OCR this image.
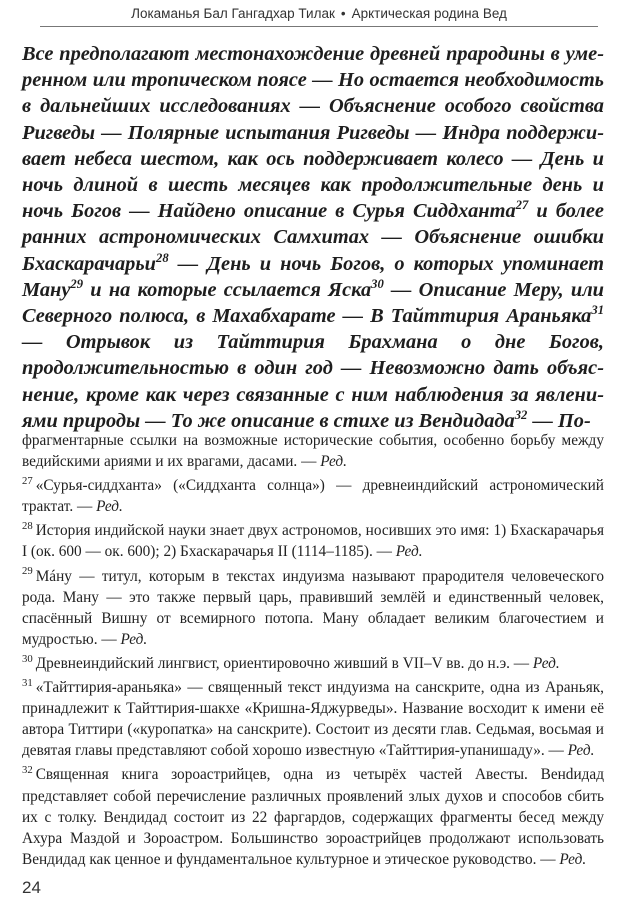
Локаманья Бал Гангадхар Тилак • Арктическая родина Вед

Все предполагают местонахождение древней прародины в умеренном или тропическом поясе — Но остается необходимость в дальнейших исследованиях — Объяснение особого свойства Ригведы — Полярные испытания Ригведы — Индра поддерживает небеса шестом, как ось поддерживает колесо — День и ночь длиной в шесть месяцев как продолжительные день и ночь Богов — Найдено описание в Сурья Сиддханта$^{27}$ и более ранних астрономических Самхитах — Объяснение ошибки Бхаскарачарьи$^{28}$ — День и ночь Богов, о которых упоминает Ману$^{29}$ и на которые ссылается Яска$^{30}$ — Описание Меру, или Северного полюса, в Махабхарате — В Тайттирия Араньяка$^{31}$ — Отрывок из Тайттирия Брахмана о дне Богов, продолжительностью в один год — Невозможно дать объяснение, кроме как через связанные с ним наблюдения за явлениями природы — То же описание в стихе из Вендидада$^{32}$ — По-

фрагментарные ссылки на возможные исторические события, особенно борьбу между ведийскими ариями и их врагами, дасами. — Ред.

$^{27}$ «Сурья-сиддханта» («Сиддханта солнца») — древнеиндийский астрономический трактат. — Ред.

$^{28}$ История индийской науки знает двух астрономов, носивших это имя: 1) Бхаскарачарья I (ок. 600 — ок. 600); 2) Бхаскарачарья II (1114–1185). — Ред.

$^{29}$ Мáну — титул, которым в текстах индуизма называют прародителя человеческого рода. Ману — это также первый царь, правивший землёй и единственный человек, спасённый Вишну от всемирного потопа. Ману обладает великим благочестием и мудростью. — Ред.

$^{30}$ Древнеиндийский лингвист, ориентировочно живший в VII–V вв. до н.э. — Ред.

$^{31}$ «Тайттирия-араньяка» — священный текст индуизма на санскрите, одна из Араньяк, принадлежит к Тайттирия-шакхе «Кришна-Яджурведы». Название восходит к имени её автора Титтири («куропатка» на санскрите). Состоит из десяти глав. Седьмая, восьмая и девятая главы представляют собой хорошо известную «Тайттирия-упанишаду». — Ред.

$^{32}$ Священная книга зороастрийцев, одна из четырёх частей Авесты. Венdидад представляет собой перечисление различных проявлений злых духов и способов сбить их с толку. Вендидад состоит из 22 фаргардов, содержащих фрагменты бесед между Ахура Маздой и Зороастром. Большинство зороастрийцев продолжают использовать Вендидад как ценное и фундаментальное культурное и этическое руководство. — Ред.

24
